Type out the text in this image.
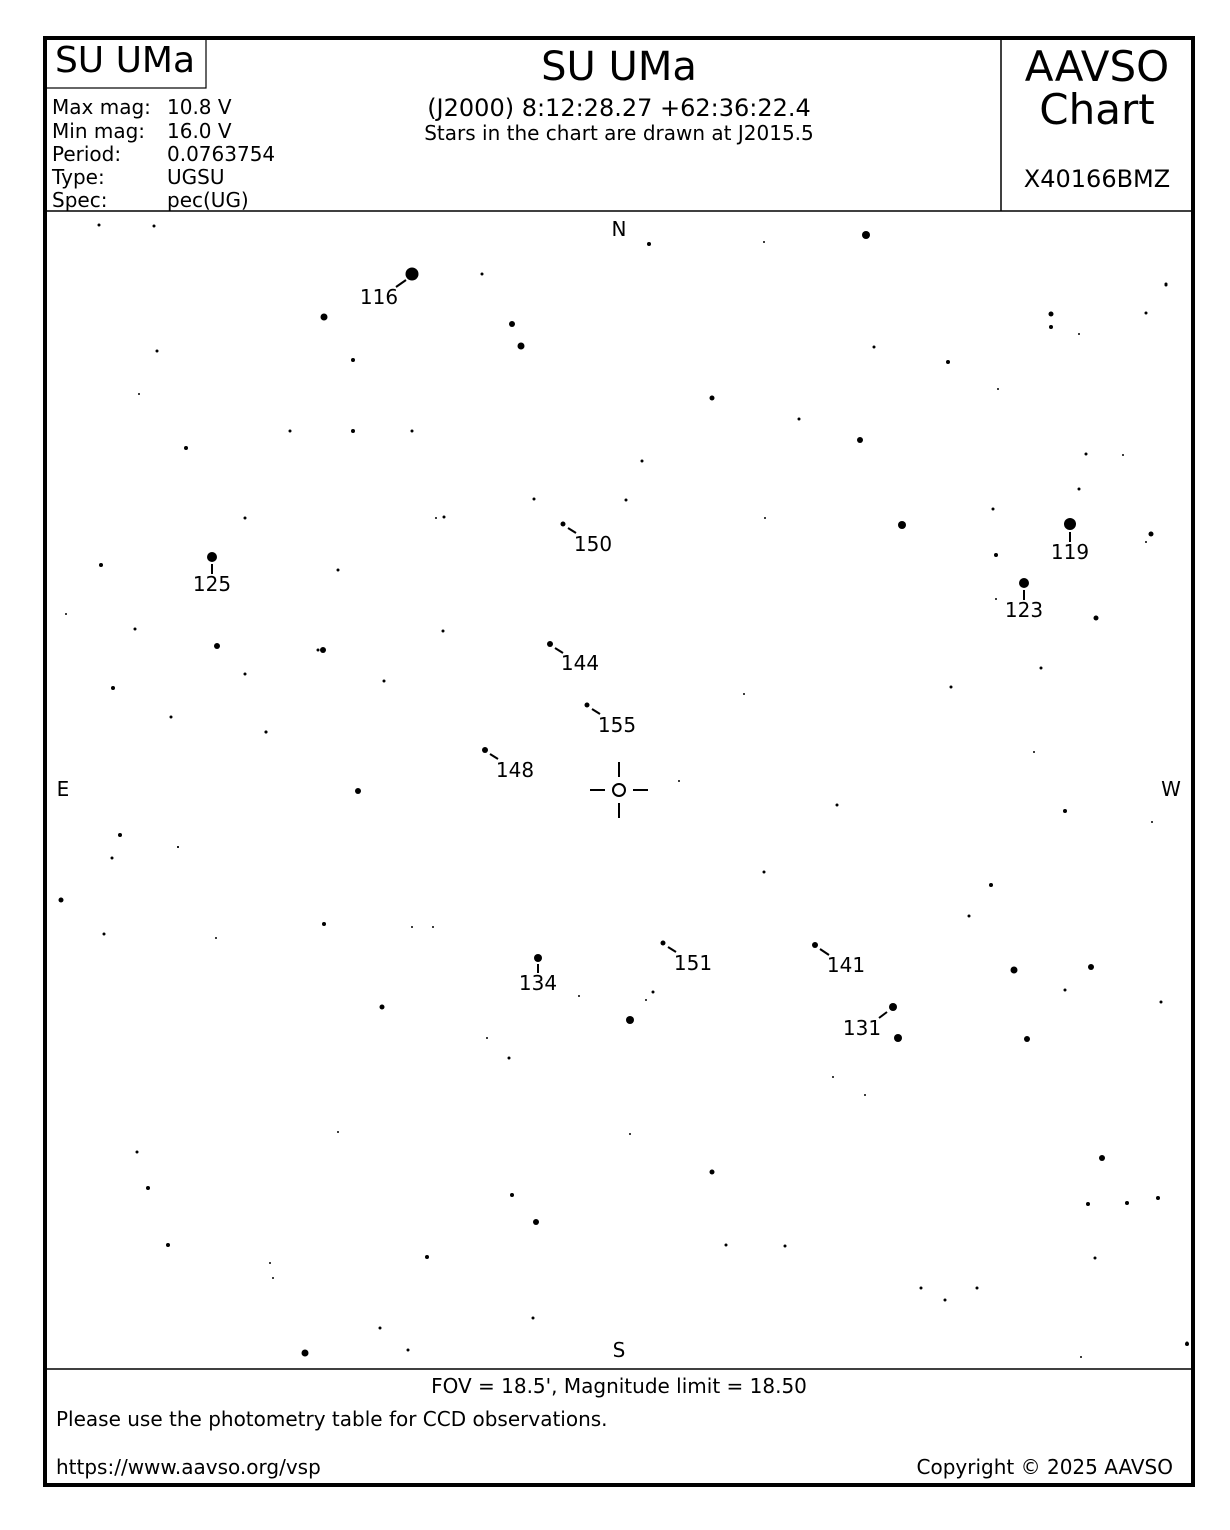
SU UMa	SU UMa
(J2000) 8:12:28.27 +62:36:22.4
Stars in the chart are drawn at J2015.5
AAVSO
Chart
X40166BMZ
Max mag: 10.8 V
Min mag: 16.0 V
Period: 0.0763754
Type:	UGSU
Spec:	pec(UG)
N
S
E	W
116
119
123
125
131
134
141
144
148
150
151
155
FOV = 18.5', Magnitude limit = 18.50
Please use the photometry table for CCD observations.
https://www.aavso.org/vsp	Copyright © 2025 AAVSO
